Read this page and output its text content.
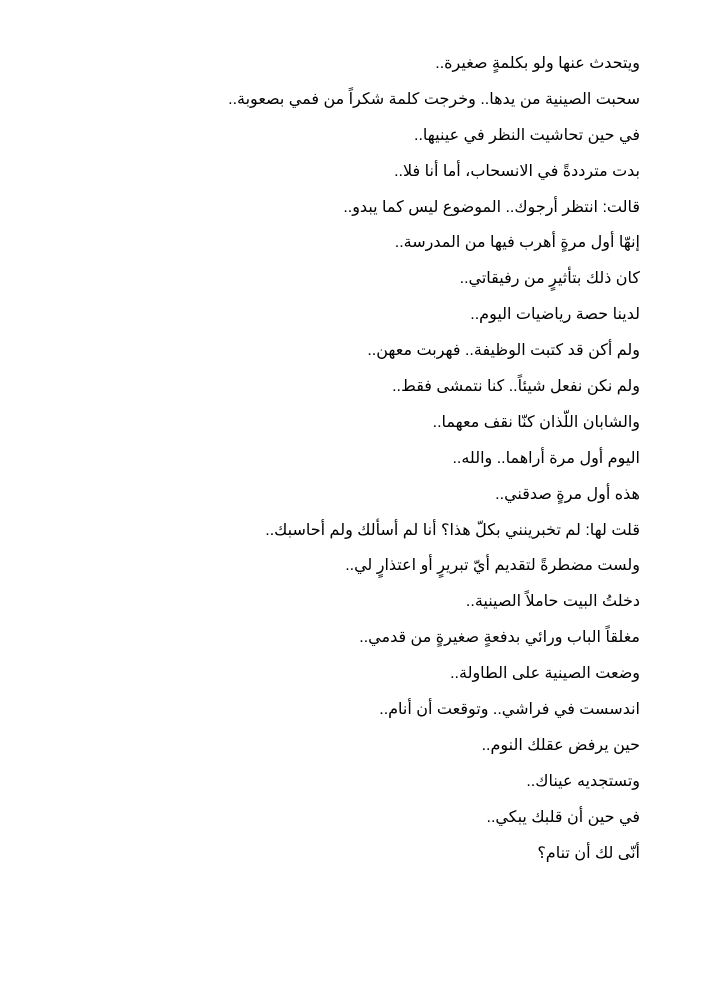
ويتحدث عنها ولو بكلمةٍ صغيرة..
سحبت الصينية من يدها.. وخرجت كلمة شكراً من فمي بصعوبة..
في حين تحاشيت النظر في عينيها..
بدت مترددةً في الانسحاب، أما أنا فلا..
قالت: انتظر أرجوك.. الموضوع ليس كما يبدو..
إنهّا أول مرةٍ أهرب فيها من المدرسة..
كان ذلك بتأثيرٍ من رفيقاتي..
لدينا حصة رياضيات اليوم..
ولم أكن قد كتبت الوظيفة.. فهربت معهن..
ولم نكن نفعل شيئاً.. كنا نتمشى فقط..
والشابان اللّذان كنّا نقف معهما..
اليوم أول مرة أراهما.. والله..
هذه أول مرةٍ صدقني..
قلت لها: لم تخبرينني بكلّ هذا؟ أنا لم أسألك ولم أحاسبك..
ولست مضطرةً لتقديم أيّ تبريرٍ أو اعتذارٍ لي..
دخلتُ البيت حاملاً الصينية..
مغلقاً الباب ورائي بدفعةٍ صغيرةٍ من قدمي..
وضعت الصينية على الطاولة..
اندسست في فراشي.. وتوقعت أن أنام..
حين يرفض عقلك النوم..
وتستجديه عيناك..
في حين أن قلبك يبكي..
أنّى لك أن تنام؟
